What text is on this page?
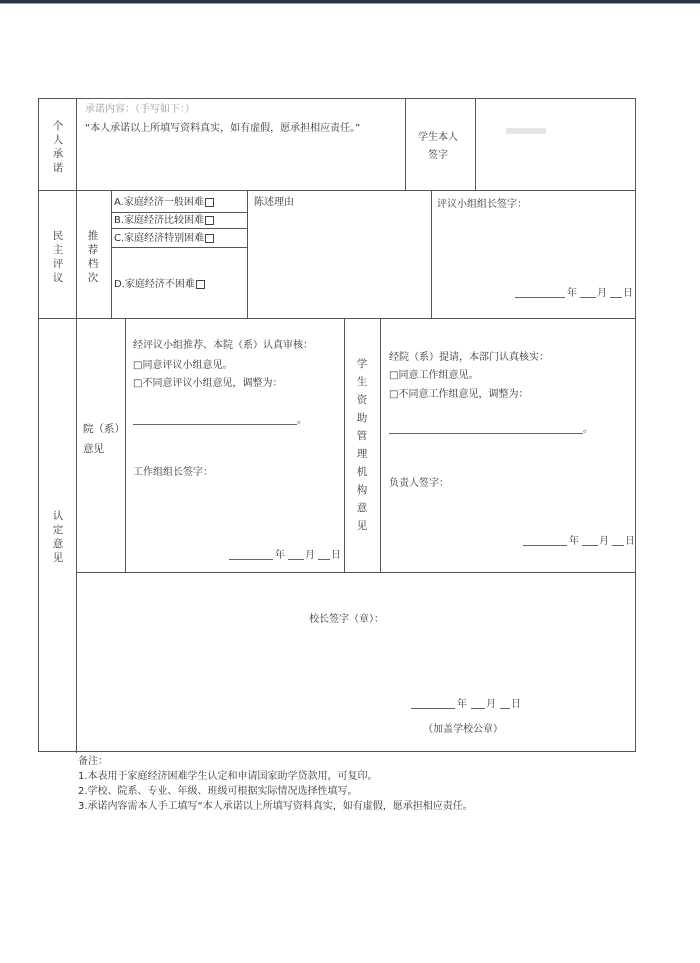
个人承诺
承诺内容：（手写如下：）
“本人承诺以上所填写资料真实，如有虚假，愿承担相应责任。”
学生本人
签字
民主评议
推荐档次
A.家庭经济一般困难
B.家庭经济比较困难
C.家庭经济特别困难
D.家庭经济不困难
陈述理由	评议小组组长签字：
年 月 日
认定意见
院（系）意见
经评议小组推荐、本院（系）认真审核：
□同意评议小组意见。
□不同意评议小组意见，调整为：
。
工作组组长签字：
年 月 日
学生资助管理机构意见
经院（系）提请，本部门认真核实：
□同意工作组意见。
□不同意工作组意见，调整为：
。
负责人签字：
年 月 日
校长签字（章）：
年 月 日
（加盖学校公章）
备注：
1.本表用于家庭经济困难学生认定和申请国家助学贷款用，可复印。
2.学校、院系、专业、年级、班级可根据实际情况选择性填写。
3.承诺内容需本人手工填写“本人承诺以上所填写资料真实，如有虚假，愿承担相应责任。
